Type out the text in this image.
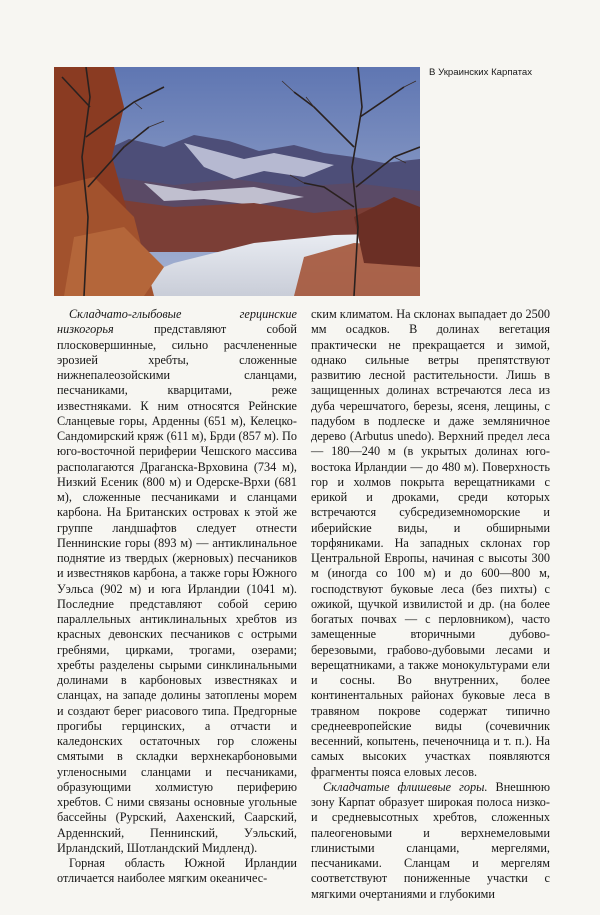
В Украинских Карпатах

Складчато-глыбовые герцинские низкогорья представляют собой плосковершинные, сильно расчлененные эрозией хребты, сложенные нижнепалеозойскими сланцами, песчаниками, кварцитами, реже известняками. К ним относятся Рейнские Сланцевые горы, Арденны (651 м), Келецко-Сандомирский кряж (611 м), Брди (857 м). По юго-восточной периферии Чешского массива располагаются Драганска-Врховина (734 м), Низкий Есеник (800 м) и Одерске-Врхи (681 м), сложенные песчаниками и сланцами карбона. На Британских островах к этой же группе ландшафтов следует отнести Пеннинские горы (893 м) — антиклинальное поднятие из твердых (жерновых) песчаников и известняков карбона, а также горы Южного Уэльса (902 м) и юга Ирландии (1041 м). Последние представляют собой серию параллельных антиклинальных хребтов из красных девонских песчаников с острыми гребнями, цирками, трогами, озерами; хребты разделены сырыми синклинальными долинами в карбоновых известняках и сланцах, на западе долины затоплены морем и создают берег риасового типа. Предгорные прогибы герцинских, а отчасти и каледонских остаточных гор сложены смятыми в складки верхнекарбоновыми угленосными сланцами и песчаниками, образующими холмистую периферию хребтов. С ними связаны основные угольные бассейны (Рурский, Аахенский, Саарский, Арденнский, Пеннинский, Уэльский, Ирландский, Шотландский Мидленд).

Горная область Южной Ирландии отличается наиболее мягким океаничес-

ским климатом. На склонах выпадает до 2500 мм осадков. В долинах вегетация практически не прекращается и зимой, однако сильные ветры препятствуют развитию лесной растительности. Лишь в защищенных долинах встречаются леса из дуба черешчатого, березы, ясеня, лещины, с падубом в подлеске и даже земляничное дерево (Arbutus unedo). Верхний предел леса — 180—240 м (в укрытых долинах юго-востока Ирландии — до 480 м). Поверхность гор и холмов покрыта верещатниками с ерикой и дроками, среди которых встречаются субсредиземноморские и иберийские виды, и обширными торфяниками. На западных склонах гор Центральной Европы, начиная с высоты 300 м (иногда со 100 м) и до 600—800 м, господствуют буковые леса (без пихты) с ожикой, щучкой извилистой и др. (на более богатых почвах — с перловником), часто замещенные вторичными дубово-березовыми, грабово-дубовыми лесами и верещатниками, а также монокультурами ели и сосны. Во внутренних, более континентальных районах буковые леса в травяном покрове содержат типично среднеевропейские виды (сочевичник весенний, копытень, печеночница и т. п.). На самых высоких участках появляются фрагменты пояса еловых лесов.

Складчатые флишевые горы. Внешнюю зону Карпат образует широкая полоса низко- и средневысотных хребтов, сложенных палеогеновыми и верхнемеловыми глинистыми сланцами, мергелями, песчаниками. Сланцам и мергелям соответствуют пониженные участки с мягкими очертаниями и глубокими
